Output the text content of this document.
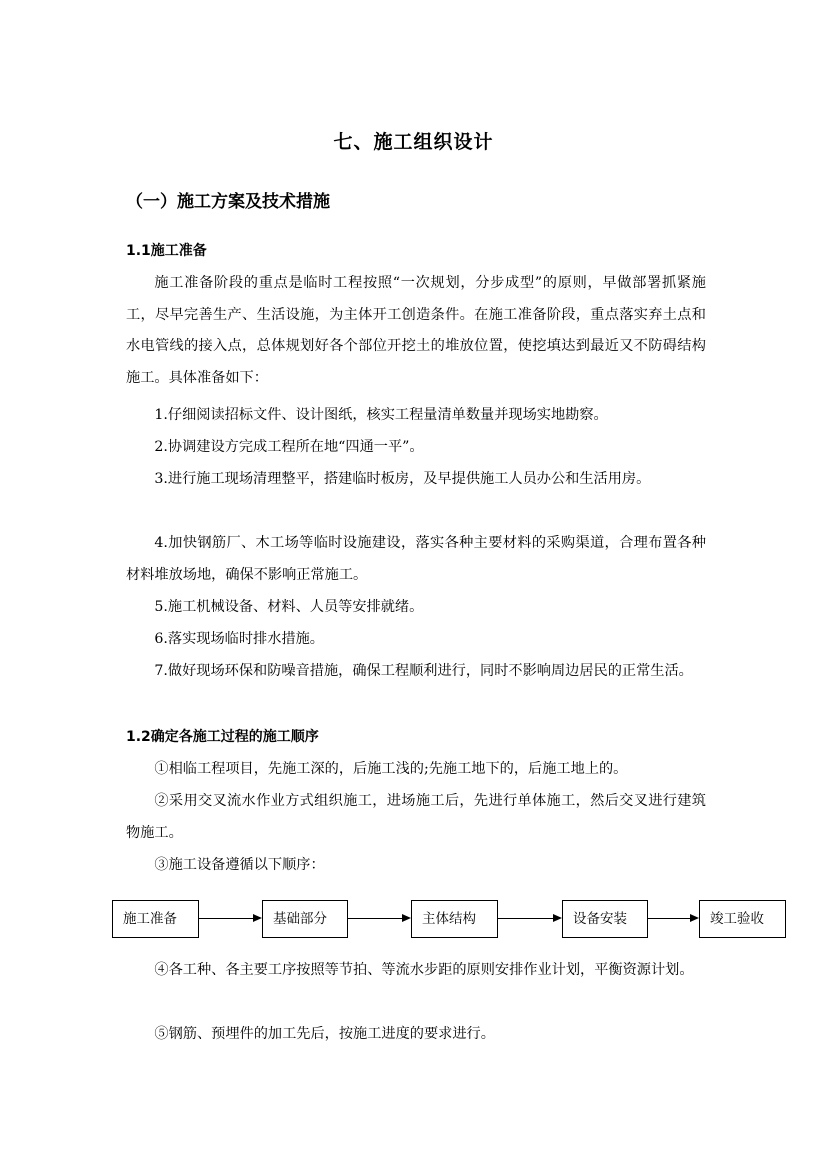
七、施工组织设计
（一）施工方案及技术措施
1.1施工准备
施工准备阶段的重点是临时工程按照“一次规划，分步成型”的原则，早做部署抓紧施工，尽早完善生产、生活设施，为主体开工创造条件。在施工准备阶段，重点落实弃土点和水电管线的接入点，总体规划好各个部位开挖土的堆放位置，使挖填达到最近又不防碍结构施工。具体准备如下：
1.仔细阅读招标文件、设计图纸，核实工程量清单数量并现场实地勘察。
2.协调建设方完成工程所在地“四通一平”。
3.进行施工现场清理整平，搭建临时板房，及早提供施工人员办公和生活用房。
4.加快钢筋厂、木工场等临时设施建设，落实各种主要材料的采购渠道，合理布置各种材料堆放场地，确保不影响正常施工。
5.施工机械设备、材料、人员等安排就绪。
6.落实现场临时排水措施。
7.做好现场环保和防噪音措施，确保工程顺利进行，同时不影响周边居民的正常生活。
1.2确定各施工过程的施工顺序
①相临工程项目，先施工深的，后施工浅的;先施工地下的，后施工地上的。
②采用交叉流水作业方式组织施工，进场施工后，先进行单体施工，然后交叉进行建筑物施工。
③施工设备遵循以下顺序：
施工准备	基础部分	主体结构	设备安装	竣工验收
④各工种、各主要工序按照等节拍、等流水步距的原则安排作业计划，平衡资源计划。
⑤钢筋、预埋件的加工先后，按施工进度的要求进行。
